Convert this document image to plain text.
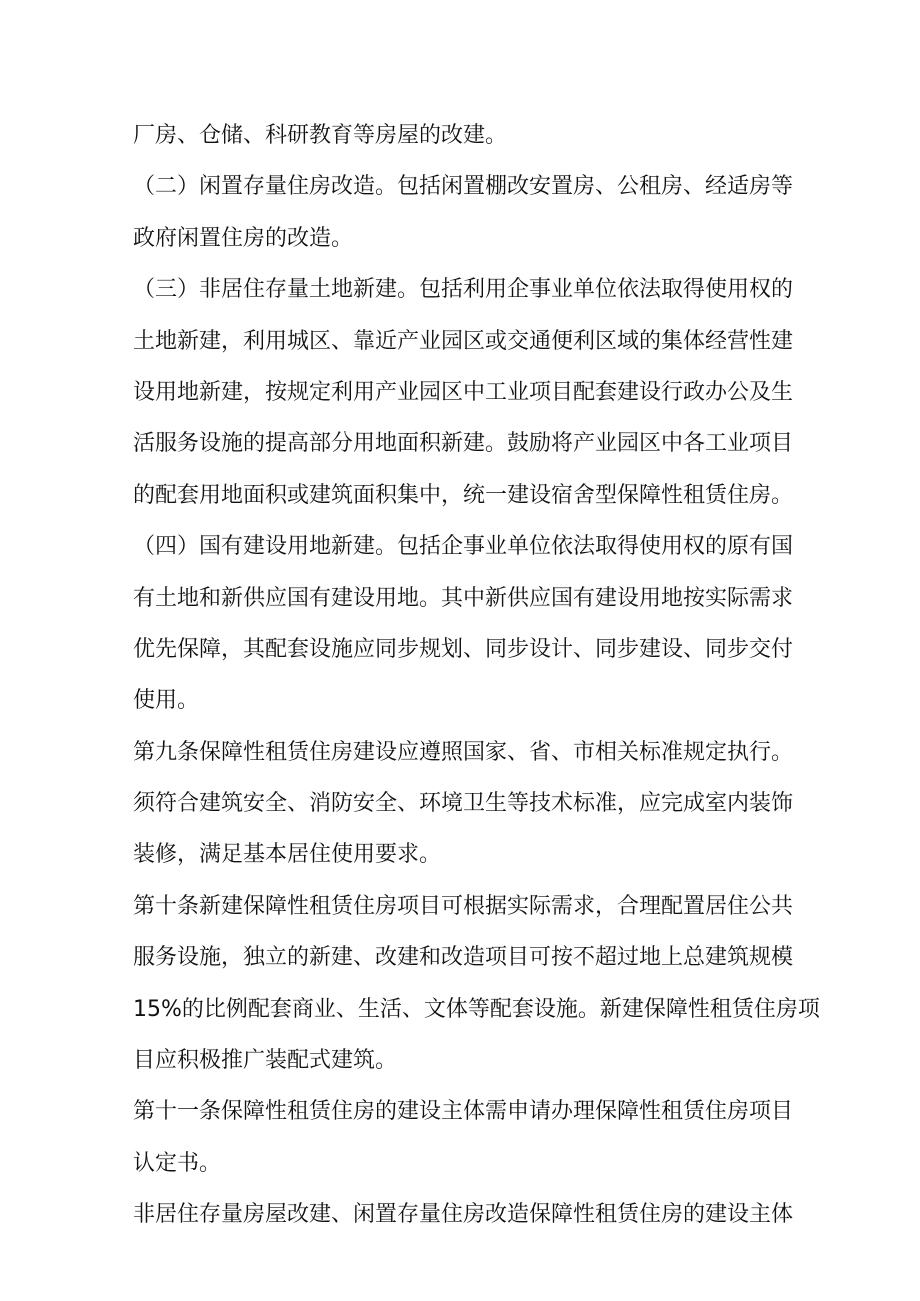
厂房、仓储、科研教育等房屋的改建。
（二）闲置存量住房改造。包括闲置棚改安置房、公租房、经适房等
政府闲置住房的改造。
（三）非居住存量土地新建。包括利用企事业单位依法取得使用权的
土地新建，利用城区、靠近产业园区或交通便利区域的集体经营性建
设用地新建，按规定利用产业园区中工业项目配套建设行政办公及生
活服务设施的提高部分用地面积新建。鼓励将产业园区中各工业项目
的配套用地面积或建筑面积集中，统一建设宿舍型保障性租赁住房。
（四）国有建设用地新建。包括企事业单位依法取得使用权的原有国
有土地和新供应国有建设用地。其中新供应国有建设用地按实际需求
优先保障，其配套设施应同步规划、同步设计、同步建设、同步交付
使用。
第九条保障性租赁住房建设应遵照国家、省、市相关标准规定执行。
须符合建筑安全、消防安全、环境卫生等技术标准，应完成室内装饰
装修，满足基本居住使用要求。
第十条新建保障性租赁住房项目可根据实际需求，合理配置居住公共
服务设施，独立的新建、改建和改造项目可按不超过地上总建筑规模
15%的比例配套商业、生活、文体等配套设施。新建保障性租赁住房项
目应积极推广装配式建筑。
第十一条保障性租赁住房的建设主体需申请办理保障性租赁住房项目
认定书。
非居住存量房屋改建、闲置存量住房改造保障性租赁住房的建设主体
